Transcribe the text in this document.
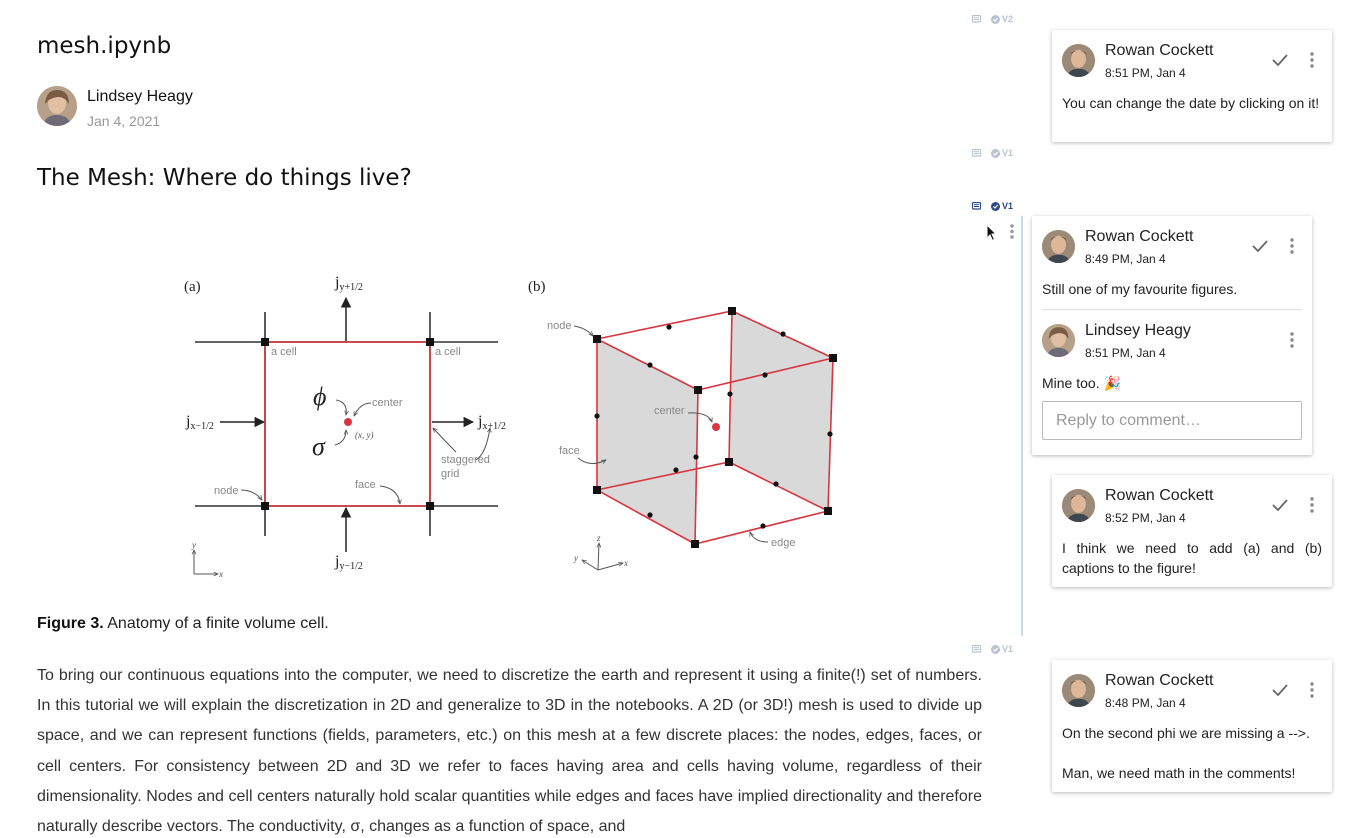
mesh.ipynb
Lindsey Heagy
Jan 4, 2021
The Mesh: Where do things live?
(a)	jy+1/2
jy−1/2
jx−1/2	jx+1/2
a cell	a cell
ϕ
σ
center
(x, y)
staggered
grid
face
node
x
y
(b)
node
center
face
edge
x
y
z
Figure 3. Anatomy of a finite volume cell.
To bring our continuous equations into the computer, we need to discretize the earth and represent it using a finite(!) set of numbers. In this tutorial we will explain the discretization in 2D and generalize to 3D in the notebooks. A 2D (or 3D!) mesh is used to divide up space, and we can represent functions (fields, parameters, etc.) on this mesh at a few discrete places: the nodes, edges, faces, or cell centers. For consistency between 2D and 3D we refer to faces having area and cells having volume, regardless of their dimensionality. Nodes and cell centers naturally hold scalar quantities while edges and faces have implied directionality and therefore naturally describe vectors. The conductivity, σ, changes as a function of space, and
V2
V1
V1
V1
Rowan Cockett
8:51 PM, Jan 4
You can change the date by clicking on it!
Rowan Cockett
8:49 PM, Jan 4
Still one of my favourite figures.
Lindsey Heagy
8:51 PM, Jan 4
Mine too. 🎉
Reply to comment…
Rowan Cockett
8:52 PM, Jan 4
I think we need to add (a) and (b) captions to the figure!
Rowan Cockett
8:48 PM, Jan 4
On the second phi we are missing a -->.
Man, we need math in the comments!
